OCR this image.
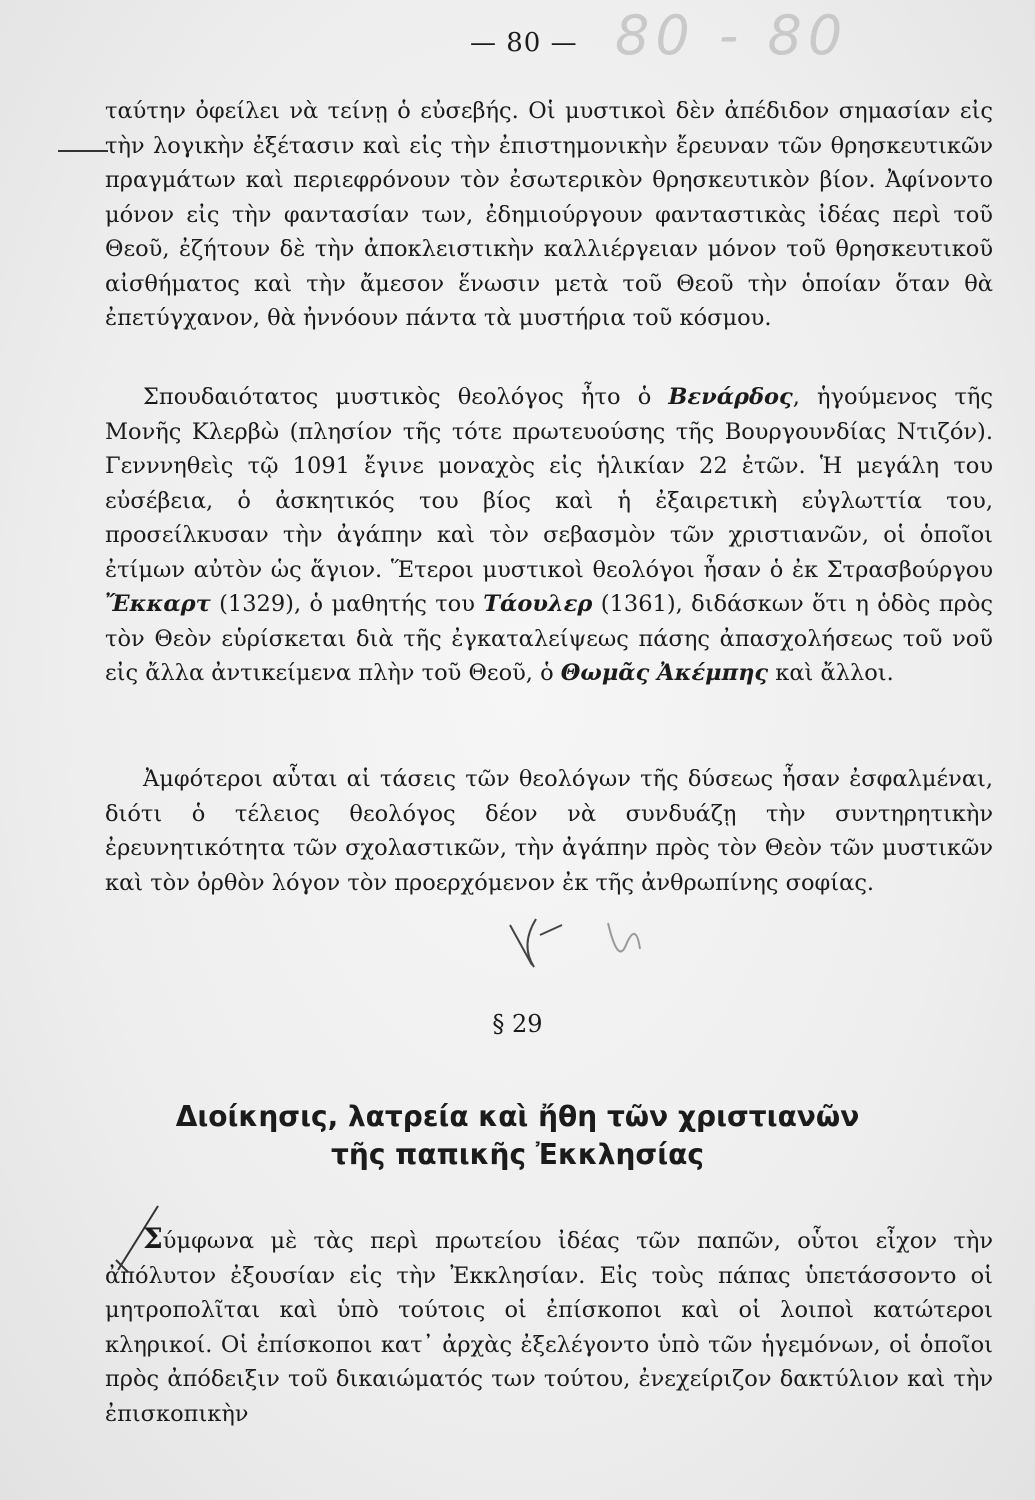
— 80 — 80 - 80

ταύτην ὀφείλει νὰ τείνῃ ὁ εὐσεβής. Οἱ μυστικοὶ δὲν ἀπέδιδον σημασίαν εἰς τὴν λογικὴν ἐξέτασιν καὶ εἰς τὴν ἐπιστημονικὴν ἔρευναν τῶν θρησκευτικῶν πραγμάτων καὶ περιεφρόνουν τὸν ἐσωτερικὸν θρησκευτικὸν βίον. Ἀφίνοντο μόνον εἰς τὴν φαντασίαν των, ἐδημιούργουν φανταστικὰς ἰδέας περὶ τοῦ Θεοῦ, ἐζήτουν δὲ τὴν ἀποκλειστικὴν καλλιέργειαν μόνον τοῦ θρησκευτικοῦ αἰσθήματος καὶ τὴν ἄμεσον ἕνωσιν μετὰ τοῦ Θεοῦ τὴν ὁποίαν ὅταν θὰ ἐπετύγχανον, θὰ ἠννόουν πάντα τὰ μυστήρια τοῦ κόσμου.

Σπουδαιότατος μυστικὸς θεολόγος ἦτο ὁ Βενάρδος, ἡγούμενος τῆς Μονῆς Κλερβὼ (πλησίον τῆς τότε πρωτευούσης τῆς Βουργουνδίας Ντιζόν). Γενννηθεὶς τῷ 1091 ἔγινε μοναχὸς εἰς ἡλικίαν 22 ἐτῶν. Ἡ μεγάλη του εὐσέβεια, ὁ ἀσκητικός του βίος καὶ ἡ ἐξαιρετικὴ εὐγλωττία του, προσείλκυσαν τὴν ἀγάπην καὶ τὸν σεβασμὸν τῶν χριστιανῶν, οἱ ὁποῖοι ἐτίμων αὐτὸν ὡς ἅγιον. Ἕτεροι μυστικοὶ θεολόγοι ἦσαν ὁ ἐκ Στρασβούργου Ἔκκαρτ (1329), ὁ μαθητής του Τάουλερ (1361), διδάσκων ὅτι η ὁδὸς πρὸς τὸν Θεὸν εὑρίσκεται διὰ τῆς ἐγκαταλείψεως πάσης ἀπασχολήσεως τοῦ νοῦ εἰς ἄλλα ἀντικείμενα πλὴν τοῦ Θεοῦ, ὁ Θωμᾶς Ἀκέμπης καὶ ἄλλοι.

Ἀμφότεροι αὗται αἱ τάσεις τῶν θεολόγων τῆς δύσεως ἦσαν ἐσφαλμέναι, διότι ὁ τέλειος θεολόγος δέον νὰ συνδυάζῃ τὴν συντηρητικὴν ἐρευνητικότητα τῶν σχολαστικῶν, τὴν ἀγάπην πρὸς τὸν Θεὸν τῶν μυστικῶν καὶ τὸν ὀρθὸν λόγον τὸν προερχόμενον ἐκ τῆς ἀνθρωπίνης σοφίας.

§ 29
Διοίκησις, λατρεία καὶ ἤθη τῶν χριστιανῶν
τῆς παπικῆς Ἐκκλησίας

Σύμφωνα μὲ τὰς περὶ πρωτείου ἰδέας τῶν παπῶν, οὗτοι εἶχον τὴν ἀπόλυτον ἐξουσίαν εἰς τὴν Ἐκκλησίαν. Εἰς τοὺς πάπας ὑπετάσσοντο οἱ μητροπολῖται καὶ ὑπὸ τούτοις οἱ ἐπίσκοποι καὶ οἱ λοιποὶ κατώτεροι κληρικοί. Οἱ ἐπίσκοποι κατ᾽ ἀρχὰς ἐξελέγοντο ὑπὸ τῶν ἡγεμόνων, οἱ ὁποῖοι πρὸς ἀπόδειξιν τοῦ δικαιώματός των τούτου, ἐνεχείριζον δακτύλιον καὶ τὴν ἐπισκοπικὴν
